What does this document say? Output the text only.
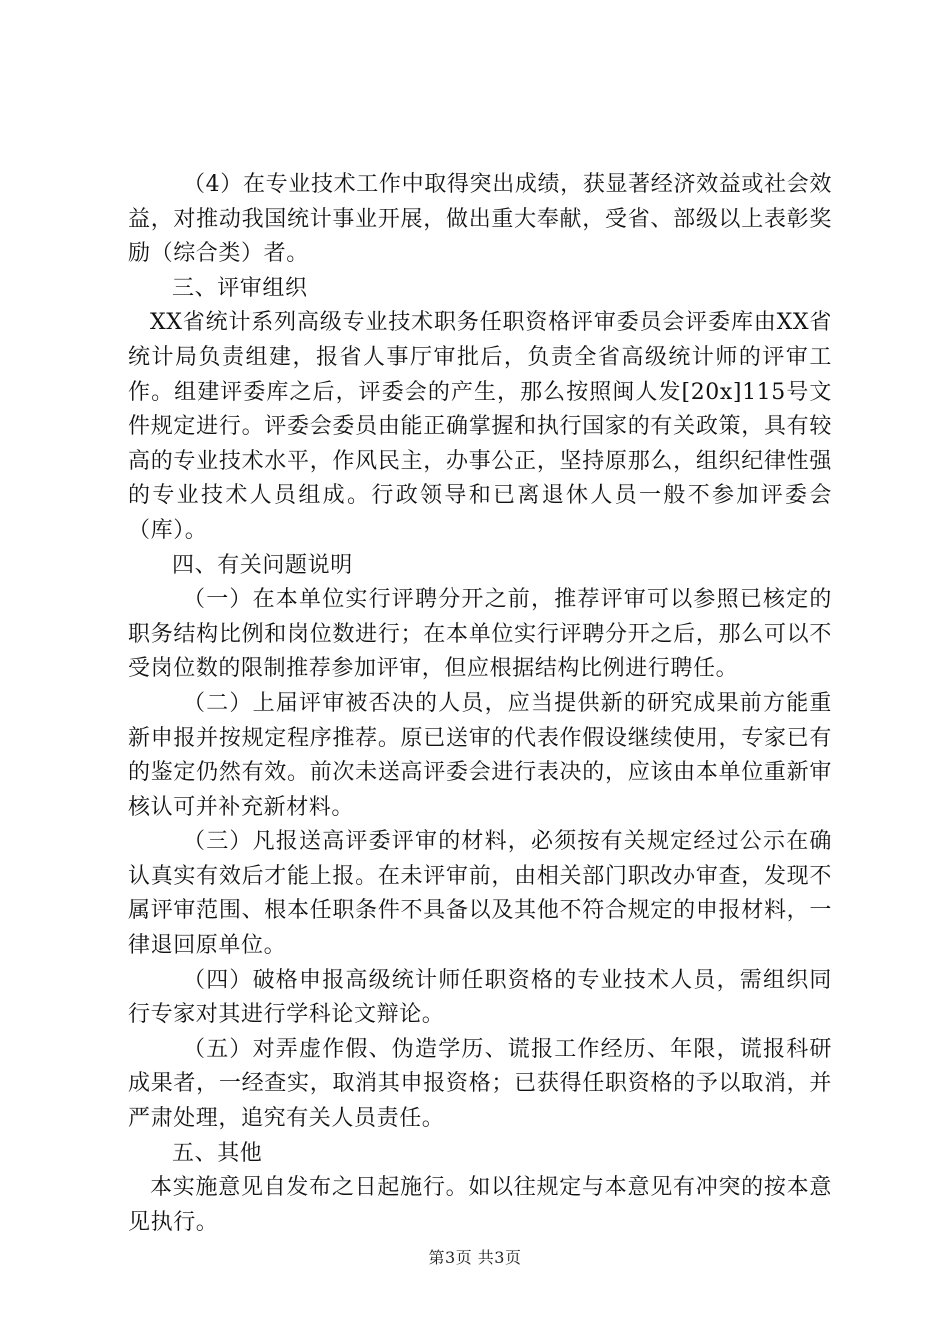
（4）在专业技术工作中取得突出成绩，获显著经济效益或社会效益，对推动我国统计事业开展，做出重大奉献，受省、部级以上表彰奖励（综合类）者。

三、评审组织

XX省统计系列高级专业技术职务任职资格评审委员会评委库由XX省统计局负责组建，报省人事厅审批后，负责全省高级统计师的评审工作。组建评委库之后，评委会的产生，那么按照闽人发[20x]115号文件规定进行。评委会委员由能正确掌握和执行国家的有关政策，具有较高的专业技术水平，作风民主，办事公正，坚持原那么，组织纪律性强的专业技术人员组成。行政领导和已离退休人员一般不参加评委会（库）。

四、有关问题说明

（一）在本单位实行评聘分开之前，推荐评审可以参照已核定的职务结构比例和岗位数进行；在本单位实行评聘分开之后，那么可以不受岗位数的限制推荐参加评审，但应根据结构比例进行聘任。

（二）上届评审被否决的人员，应当提供新的研究成果前方能重新申报并按规定程序推荐。原已送审的代表作假设继续使用，专家已有的鉴定仍然有效。前次未送高评委会进行表决的，应该由本单位重新审核认可并补充新材料。

（三）凡报送高评委评审的材料，必须按有关规定经过公示在确认真实有效后才能上报。在未评审前，由相关部门职改办审查，发现不属评审范围、根本任职条件不具备以及其他不符合规定的申报材料，一律退回原单位。

（四）破格申报高级统计师任职资格的专业技术人员，需组织同行专家对其进行学科论文辩论。

（五）对弄虚作假、伪造学历、谎报工作经历、年限，谎报科研成果者，一经查实，取消其申报资格；已获得任职资格的予以取消，并严肃处理，追究有关人员责任。

五、其他

本实施意见自发布之日起施行。如以往规定与本意见有冲突的按本意见执行。

第3页 共3页
